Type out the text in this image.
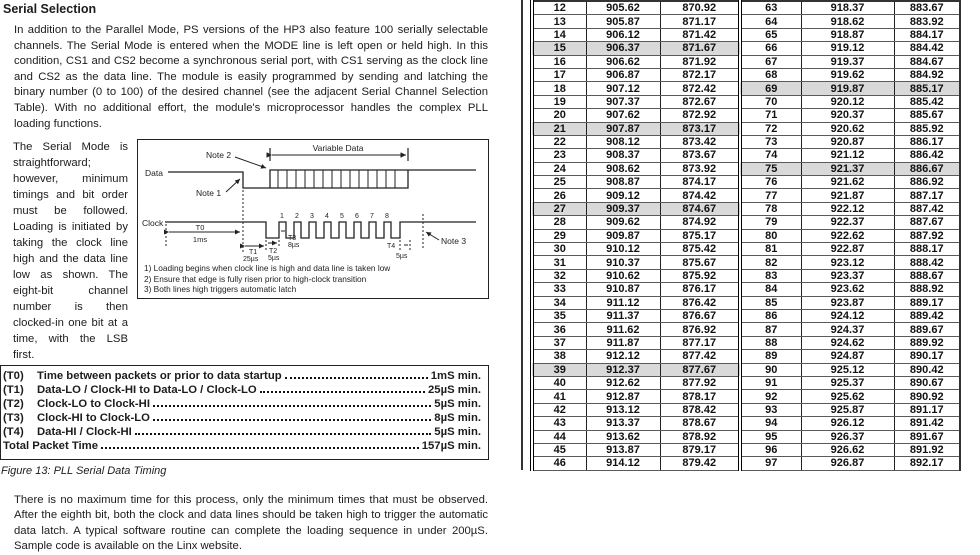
Serial Selection

In addition to the Parallel Mode, PS versions of the HP3 also feature 100 serially selectable channels. The Serial Mode is entered when the MODE line is left open or held high. In this condition, CS1 and CS2 become a synchronous serial port, with CS1 serving as the clock line and CS2 as the data line. The module is easily programmed by sending and latching the binary number (0 to 100) of the desired channel (see the adjacent Serial Channel Selection Table). With no additional effort, the module's microprocessor handles the complex PLL loading functions.

The Serial Mode is straightforward; however, minimum timings and bit order must be followed. Loading is initiated by taking the clock line high and the data line low as shown. The eight-bit channel number is then clocked-in one bit at a time, with the LSB first.
Variable Data
Data
Note 2
Note 1
Clock
1 2 3 4 5 6 7 8
T0
1ms
T1
25µs
T2
5µs
T3
8µs	T4
5µs
Note 3
1) Loading begins when clock line is high and data line is taken low
2) Ensure that edge is fully risen prior to high-clock transition
3) Both lines high triggers automatic latch
(T0)	Time between packets or prior to data startup	1mS min.
(T1)	Data-LO / Clock-HI to Data-LO / Clock-LO	25µS min.
(T2)	Clock-LO to Clock-HI	5µS min.
(T3)	Clock-HI to Clock-LO	8µS min.
(T4)	Data-HI / Clock-HI	5µS min.
Total Packet Time	157µS min.
Figure 13: PLL Serial Data Timing

There is no maximum time for this process, only the minimum times that must be observed. After the eighth bit, both the clock and data lines should be taken high to trigger the automatic data latch. A typical software routine can complete the loading sequence in under 200µS. Sample code is available on the Linx website.

12	905.62	870.92	63	918.37	883.67
13	905.87	871.17	64	918.62	883.92
14	906.12	871.42	65	918.87	884.17
15	906.37	871.67	66	919.12	884.42
16	906.62	871.92	67	919.37	884.67
17	906.87	872.17	68	919.62	884.92
18	907.12	872.42	69	919.87	885.17
19	907.37	872.67	70	920.12	885.42
20	907.62	872.92	71	920.37	885.67
21	907.87	873.17	72	920.62	885.92
22	908.12	873.42	73	920.87	886.17
23	908.37	873.67	74	921.12	886.42
24	908.62	873.92	75	921.37	886.67
25	908.87	874.17	76	921.62	886.92
26	909.12	874.42	77	921.87	887.17
27	909.37	874.67	78	922.12	887.42
28	909.62	874.92	79	922.37	887.67
29	909.87	875.17	80	922.62	887.92
30	910.12	875.42	81	922.87	888.17
31	910.37	875.67	82	923.12	888.42
32	910.62	875.92	83	923.37	888.67
33	910.87	876.17	84	923.62	888.92
34	911.12	876.42	85	923.87	889.17
35	911.37	876.67	86	924.12	889.42
36	911.62	876.92	87	924.37	889.67
37	911.87	877.17	88	924.62	889.92
38	912.12	877.42	89	924.87	890.17
39	912.37	877.67	90	925.12	890.42
40	912.62	877.92	91	925.37	890.67
41	912.87	878.17	92	925.62	890.92
42	913.12	878.42	93	925.87	891.17
43	913.37	878.67	94	926.12	891.42
44	913.62	878.92	95	926.37	891.67
45	913.87	879.17	96	926.62	891.92
46	914.12	879.42	97	926.87	892.17
